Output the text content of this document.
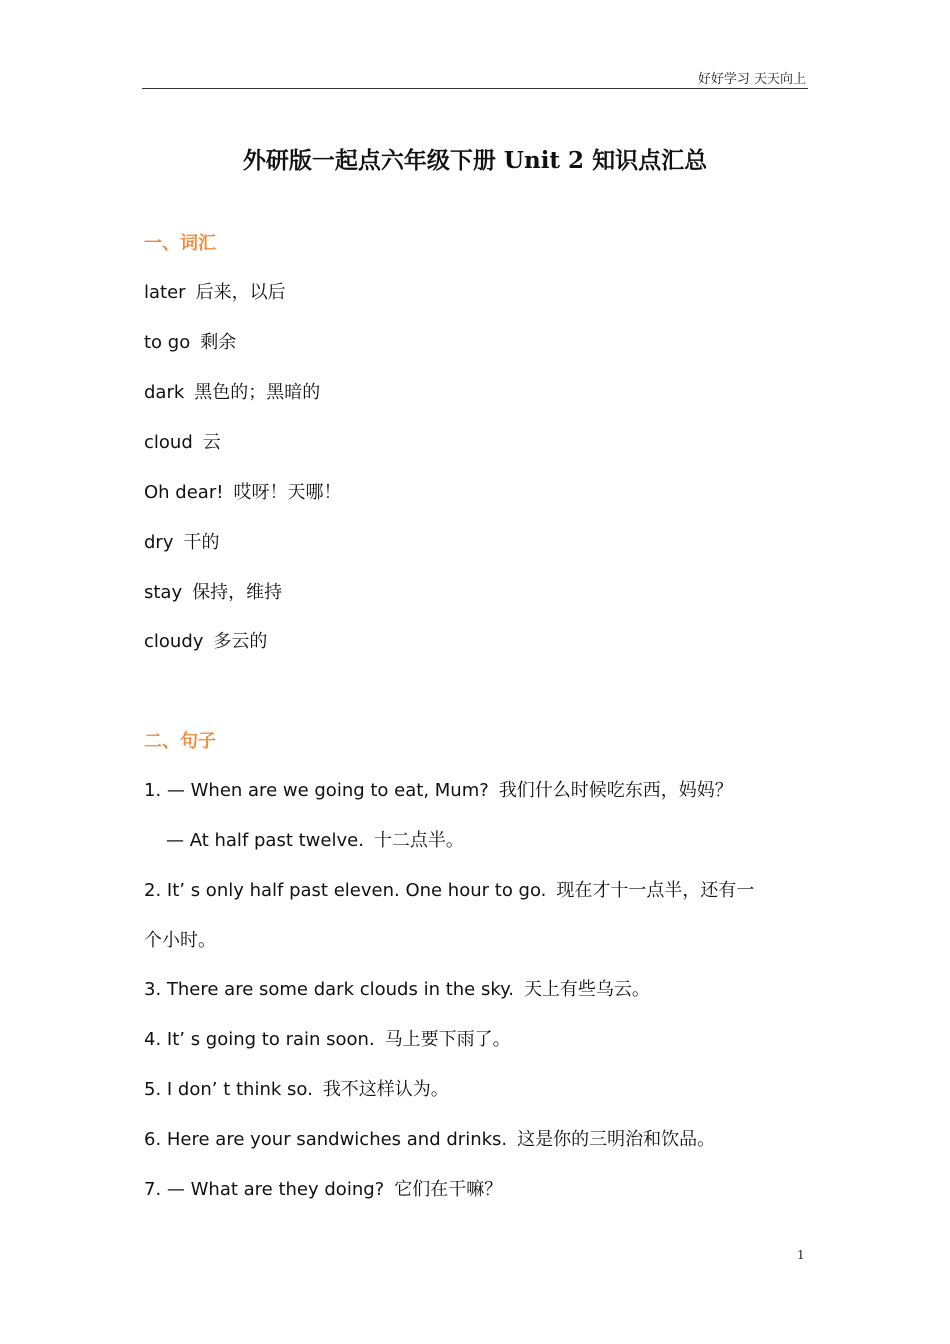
好好学习 天天向上
外研版一起点六年级下册 Unit 2 知识点汇总
一、词汇

later 后来，以后

to go 剩余

dark 黑色的；黑暗的

cloud 云

Oh dear! 哎呀！天哪！

dry 干的

stay 保持，维持

cloudy 多云的

二、句子

1. — When are we going to eat, Mum? 我们什么时候吃东西，妈妈？

— At half past twelve. 十二点半。

2. It’ s only half past eleven. One hour to go. 现在才十一点半，还有一

个小时。

3. There are some dark clouds in the sky. 天上有些乌云。

4. It’ s going to rain soon. 马上要下雨了。

5. I don’ t think so. 我不这样认为。

6. Here are your sandwiches and drinks. 这是你的三明治和饮品。

7. — What are they doing? 它们在干嘛？

1
